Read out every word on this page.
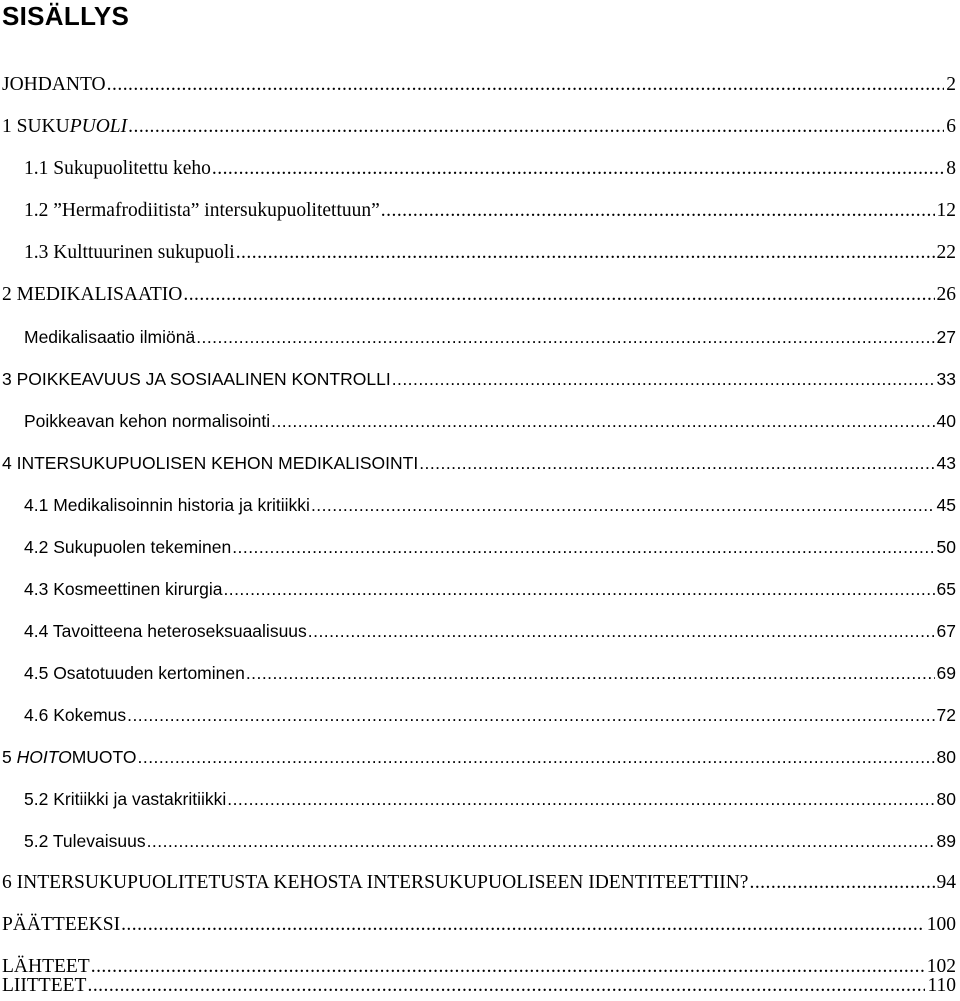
SISÄLLYS
JOHDANTO . . .	2
1 SUKUPUOLI . . .	6
1.1 Sukupuolitettu keho . . .	8
1.2 ”Hermafrodiitista” intersukupuolitettuun” . . .	12
1.3 Kulttuurinen sukupuoli . . .	22
2 MEDIKALISAATIO . . .	26
Medikalisaatio ilmiönä . . .	27
3 POIKKEAVUUS JA SOSIAALINEN KONTROLLI . . .	33
Poikkeavan kehon normalisointi . . .	40
4 INTERSUKUPUOLISEN KEHON MEDIKALISOINTI . . .	43
4.1 Medikalisoinnin historia ja kritiikki . . .	45
4.2 Sukupuolen tekeminen . . .	50
4.3 Kosmeettinen kirurgia . . .	65
4.4 Tavoitteena heteroseksuaalisuus . . .	67
4.5 Osatotuuden kertominen . . .	69
4.6 Kokemus . . .	72
5 HOITOMUOTO . . .	80
5.2 Kritiikki ja vastakritiikki . . .	80
5.2 Tulevaisuus . . .	89
6 INTERSUKUPUOLITETUSTA KEHOSTA INTERSUKUPUOLISEEN IDENTITEETTIIN? . . .	94
PÄÄTTEEKSI . . .	100
LÄHTEET . . .	102
LIITTEET . . .	110
